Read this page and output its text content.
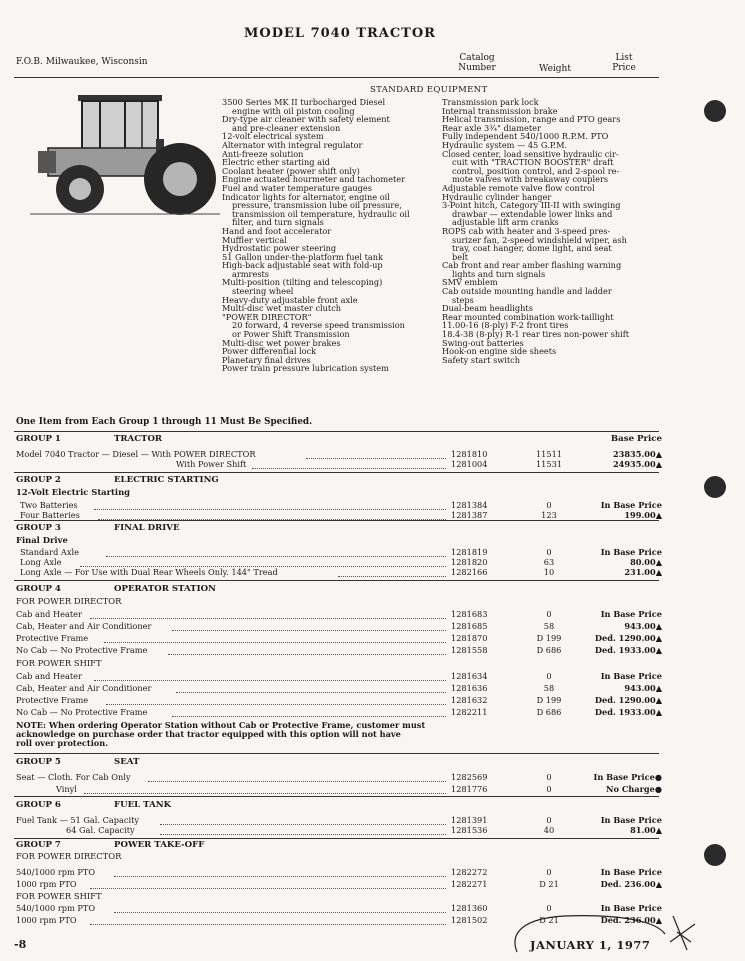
MODEL 7040 TRACTOR
F.O.B. Milwaukee, Wisconsin	Catalog
Number	Weight
List
Price
STANDARD EQUIPMENT
3500 Series MK II turbocharged Diesel
engine with oil piston cooling
Dry-type air cleaner with safety element
and pre-cleaner extension
12-volt electrical system
Alternator with integral regulator
Anti-freeze solution
Electric ether starting aid
Coolant heater (power shift only)
Engine actuated hourmeter and tachometer
Fuel and water temperature gauges
Indicator lights for alternator, engine oil
pressure, transmission lube oil pressure,
transmission oil temperature, hydraulic oil
filter, and turn signals
Hand and foot accelerator
Muffler vertical
Hydrostatic power steering
51 Gallon under-the-platform fuel tank
High-back adjustable seat with fold-up
armrests
Multi-position (tilting and telescoping)
steering wheel
Heavy-duty adjustable front axle
Multi-disc wet master clutch
"POWER DIRECTOR"
20 forward, 4 reverse speed transmission
or Power Shift Transmission
Multi-disc wet power brakes
Power differential lock
Planetary final drives
Power train pressure lubrication system
Transmission park lock
Internal transmission brake
Helical transmission, range and PTO gears
Rear axle 3¾" diameter
Fully independent 540/1000 R.P.M. PTO
Hydraulic system — 45 G.P.M.
Closed center, load sensitive hydraulic cir-
cuit with "TRACTION BOOSTER" draft
control, position control, and 2-spool re-
mote valves with breakaway couplers
Adjustable remote valve flow control
Hydraulic cylinder hanger
3-Point hitch, Category III-II with swinging
drawbar — extendable lower links and
adjustable lift arm cranks
ROPS cab with heater and 3-speed pres-
surizer fan, 2-speed windshield wiper, ash
tray, coat hanger, dome light, and seat
belt
Cab front and rear amber flashing warning
lights and turn signals
SMV emblem
Cab outside mounting handle and ladder
steps
Dual-beam headlights
Rear mounted combination work-taillight
11.00-16 (8-ply) F-2 front tires
18.4-38 (8-ply) R-1 rear tires non-power shift
Swing-out batteries
Hook-on engine side sheets
Safety start switch
One Item from Each Group 1 through 11 Must Be Specified.
GROUP 1	TRACTOR	Base Price
Model 7040 Tractor — Diesel — With POWER DIRECTOR	1281810	11511	23835.00▲
With Power Shift	1281004	11531	24935.00▲
GROUP 2	ELECTRIC STARTING
12-Volt Electric Starting
Two Batteries	1281384	0	In Base Price
Four Batteries	1281387	123	199.00▲
GROUP 3	FINAL DRIVE
Final Drive
Standard Axle	1281819	0	In Base Price
Long Axle	1281820	63	80.00▲
Long Axle — For Use with Dual Rear Wheels Only. 144" Tread	1282166	10	231.00▲
GROUP 4	OPERATOR STATION
FOR POWER DIRECTOR
Cab and Heater	1281683	0	In Base Price
Cab, Heater and Air Conditioner	1281685	58	943.00▲
Protective Frame	1281870	D 199	Ded. 1290.00▲
No Cab — No Protective Frame	1281558	D 686	Ded. 1933.00▲
FOR POWER SHIFT
Cab and Heater	1281634	0	In Base Price
Cab, Heater and Air Conditioner	1281636	58	943.00▲
Protective Frame	1281632	D 199	Ded. 1290.00▲
No Cab — No Protective Frame	1282211	D 686	Ded. 1933.00▲
NOTE: When ordering Operator Station without Cab or Protective Frame, customer must
acknowledge on purchase order that tractor equipped with this option will not have
roll over protection.
GROUP 5	SEAT
Seat — Cloth. For Cab Only	1282569	0	In Base Price●
Vinyl	1281776	0	No Charge●
GROUP 6	FUEL TANK
Fuel Tank — 51 Gal. Capacity	1281391	0	In Base Price
64 Gal. Capacity	1281536	40	81.00▲
GROUP 7	POWER TAKE-OFF
FOR POWER DIRECTOR
540/1000 rpm PTO	1282272	0	In Base Price
1000 rpm PTO	1282271	D 21	Ded. 236.00▲
FOR POWER SHIFT
540/1000 rpm PTO	1281360	0	In Base Price
1000 rpm PTO	1281502	D 21	Ded. 236.00▲
-8	JANUARY 1, 1977
